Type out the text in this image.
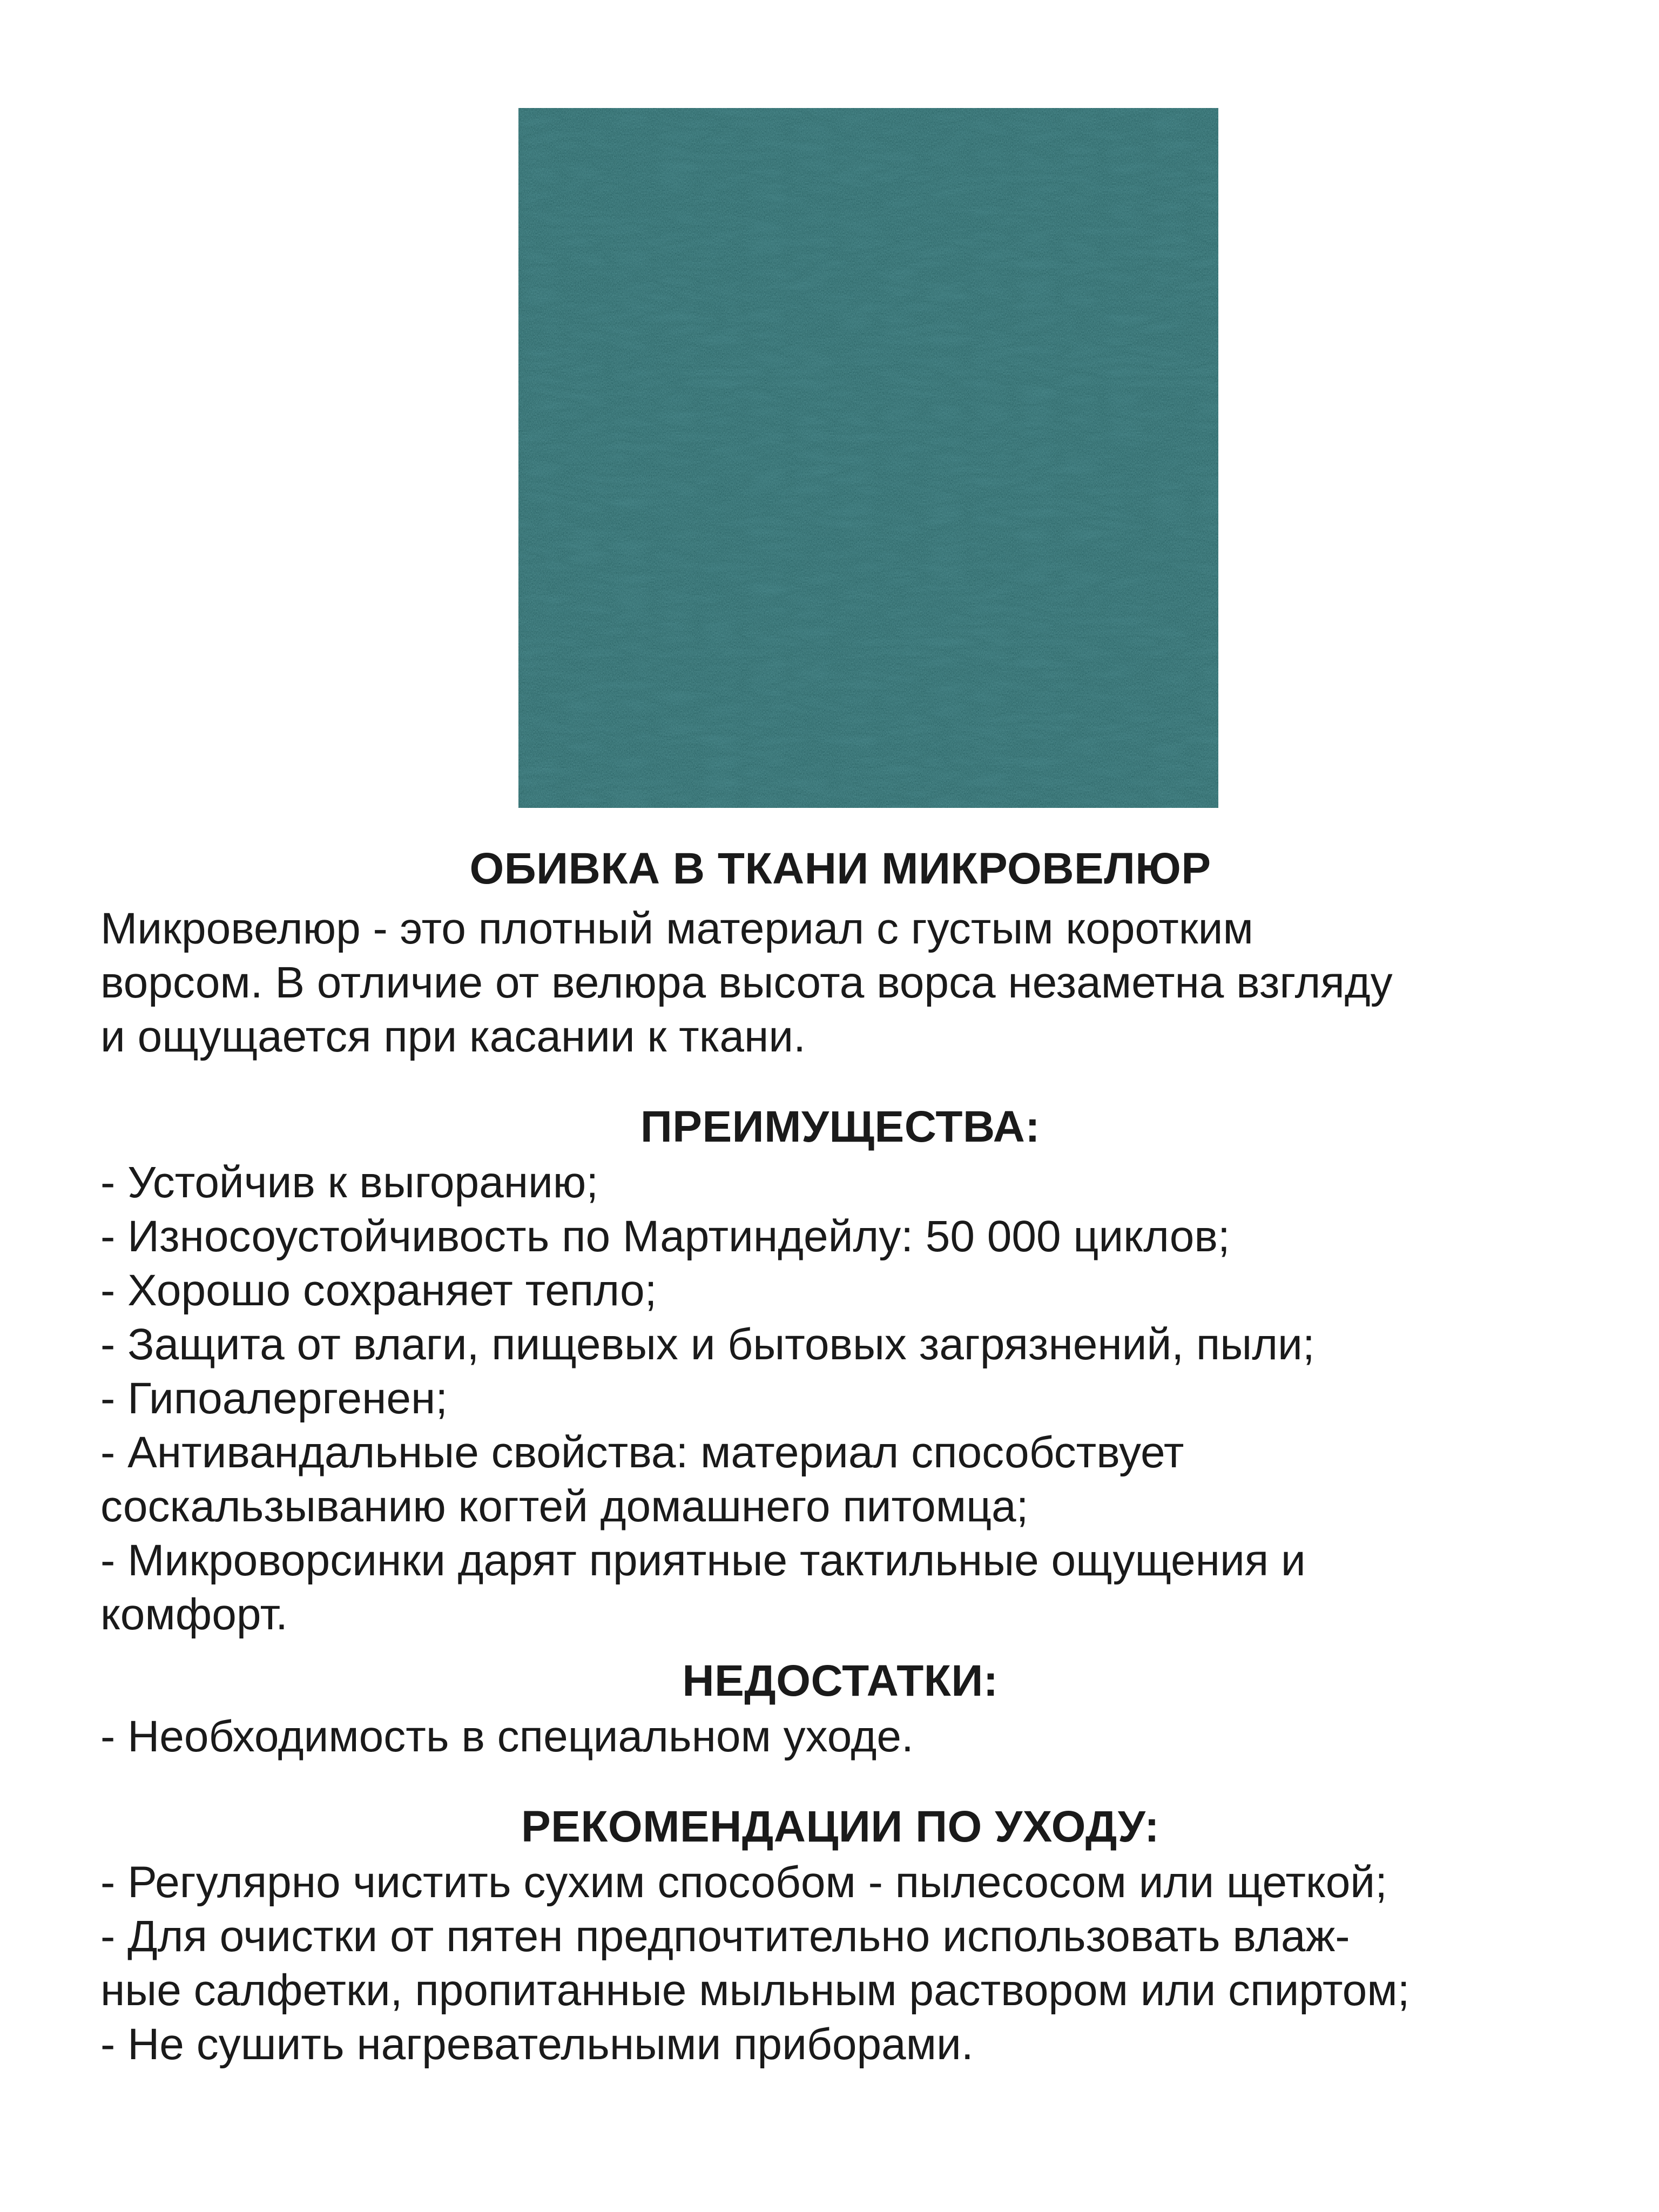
ОБИВКА В ТКАНИ МИКРОВЕЛЮР

Микровелюр - это плотный материал с густым коротким
ворсом. В отличие от велюра высота ворса незаметна взгляду
и ощущается при касании к ткани.

ПРЕИМУЩЕСТВА:
- Устойчив к выгоранию;
- Износоустойчивость по Мартиндейлу: 50 000 циклов;
- Хорошо сохраняет тепло;
- Защита от влаги, пищевых и бытовых загрязнений, пыли;
- Гипоалергенен;
- Антивандальные свойства: материал способствует
соскальзыванию когтей домашнего питомца;
- Микроворсинки дарят приятные тактильные ощущения и
комфорт.
НЕДОСТАТКИ:
- Необходимость в специальном уходе.
РЕКОМЕНДАЦИИ ПО УХОДУ:
- Регулярно чистить сухим способом - пылесосом или щеткой;
- Для очистки от пятен предпочтительно использовать влаж-
ные салфетки, пропитанные мыльным раствором или спиртом;
- Не сушить нагревательными приборами.
